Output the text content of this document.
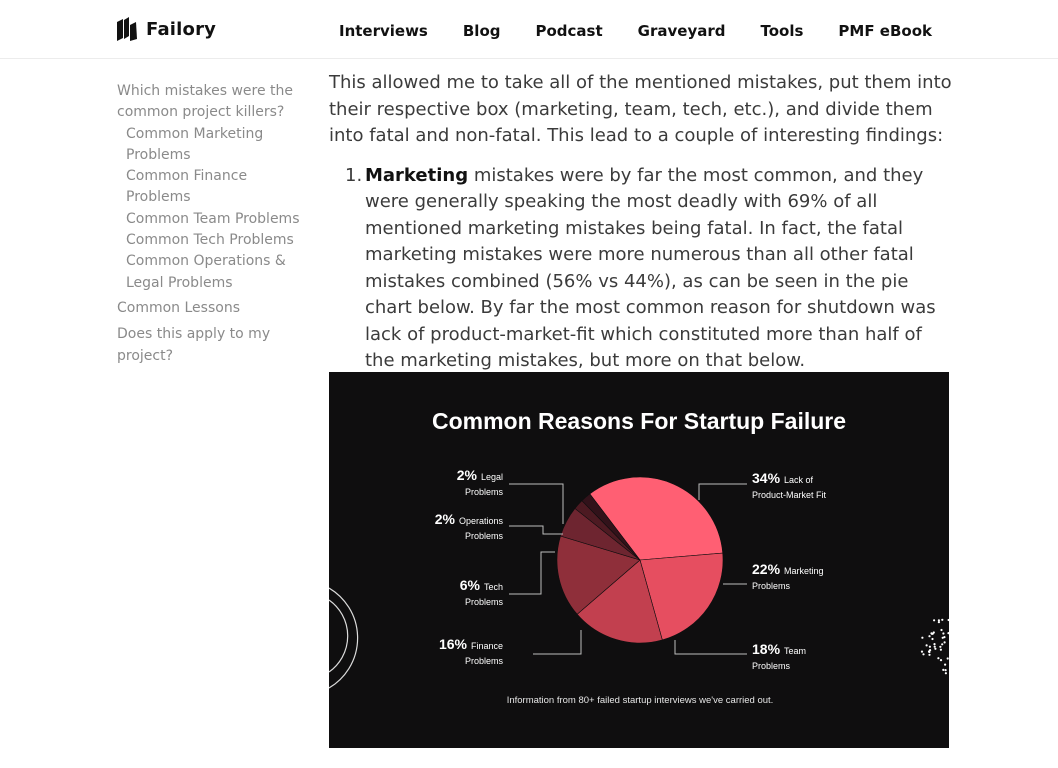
Failory	Interviews Blog Podcast Graveyard Tools PMF eBook
Which mistakes were the common project killers?
Common Marketing Problems
Common Finance Problems
Common Team Problems
Common Tech Problems
Common Operations & Legal Problems
Common Lessons
Does this apply to my project?

This allowed me to take all of the mentioned mistakes, put them into their respective box (marketing, team, tech, etc.), and divide them into fatal and non-fatal. This lead to a couple of interesting findings:

1. Marketing mistakes were by far the most common, and they were generally speaking the most deadly with 69% of all mentioned marketing mistakes being fatal. In fact, the fatal marketing mistakes were more numerous than all other fatal mistakes combined (56% vs 44%), as can be seen in the pie chart below. By far the most common reason for shutdown was lack of product-market-fit which constituted more than half of the marketing mistakes, but more on that below.
Common Reasons For Startup Failure
34% Lack of
Product-Market Fit
22% Marketing
Problems
18% Team
Problems
16% Finance
Problems
6% Tech
Problems
2% Operations
Problems
2% Legal
Problems
Information from 80+ failed startup interviews we've carried out.
